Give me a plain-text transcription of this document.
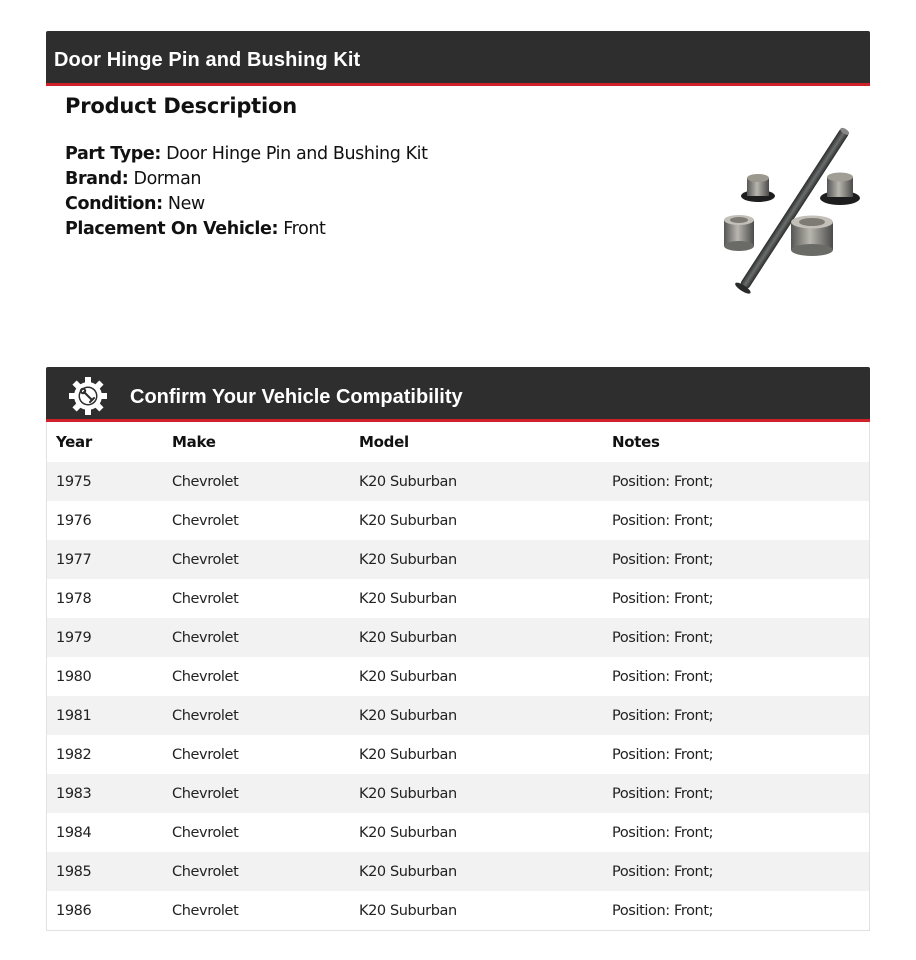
Door Hinge Pin and Bushing Kit
Product Description
Part Type: Door Hinge Pin and Bushing Kit
Brand: Dorman
Condition: New
Placement On Vehicle: Front
Confirm Your Vehicle Compatibility
Year	Make	Model	Notes
1975	Chevrolet	K20 Suburban	Position: Front;
1976	Chevrolet	K20 Suburban	Position: Front;
1977	Chevrolet	K20 Suburban	Position: Front;
1978	Chevrolet	K20 Suburban	Position: Front;
1979	Chevrolet	K20 Suburban	Position: Front;
1980	Chevrolet	K20 Suburban	Position: Front;
1981	Chevrolet	K20 Suburban	Position: Front;
1982	Chevrolet	K20 Suburban	Position: Front;
1983	Chevrolet	K20 Suburban	Position: Front;
1984	Chevrolet	K20 Suburban	Position: Front;
1985	Chevrolet	K20 Suburban	Position: Front;
1986	Chevrolet	K20 Suburban	Position: Front;
